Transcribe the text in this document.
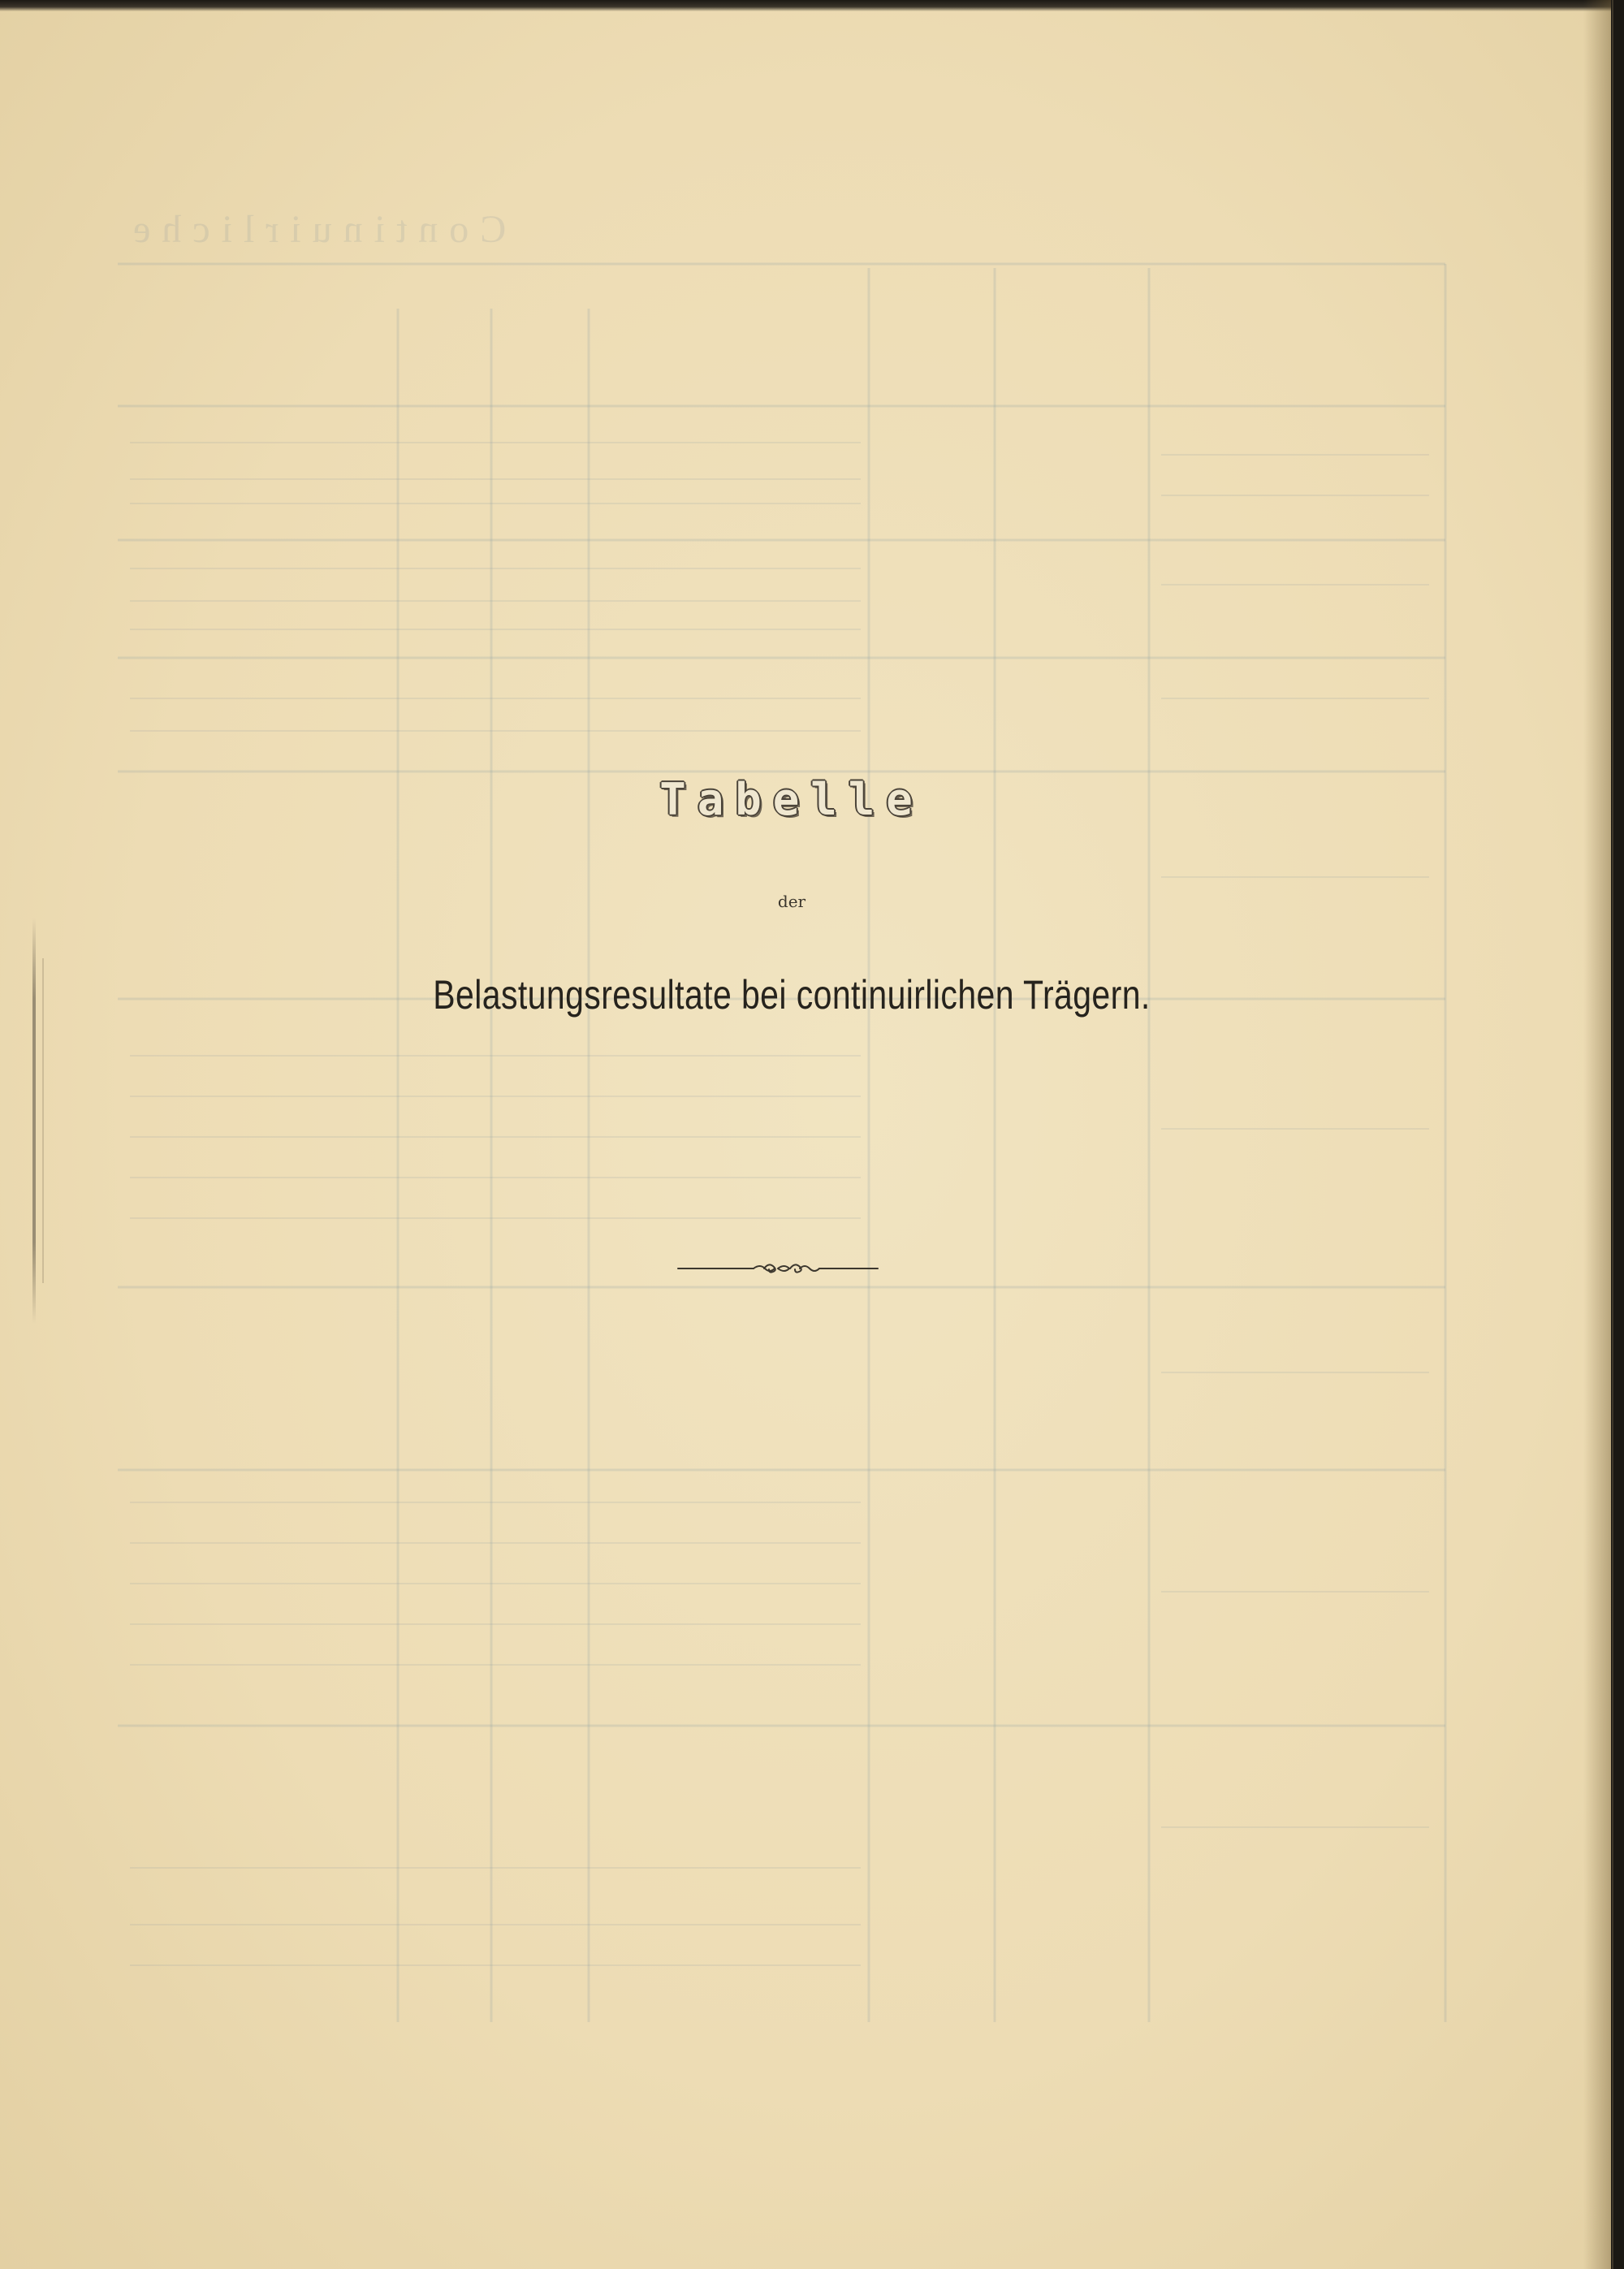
Continuirliche
Tabelle
der
Belastungsresultate bei continuirlichen Trägern.
